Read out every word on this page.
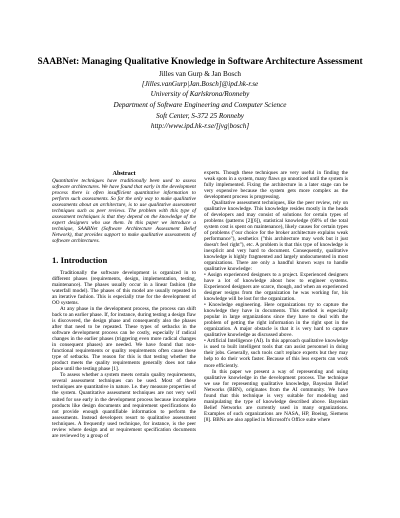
SAABNet: Managing Qualitative Knowledge in Software Architecture Assessment
Jilles van Gurp & Jan Bosch
[Jilles.vanGurp|Jan.Bosch]@ipd.hk-r.se
University of Karlskrona/Ronneby
Department of Software Engineering and Computer Science
Soft Center, S-372 25 Ronneby
http://www.ipd.hk-r.se/[jvg|bosch]
Abstract

Quantitative techniques have traditionally been used to assess software architectures. We have found that early in the development process there is often insufficient quantitative information to perform such assessments. So far the only way to make qualitative assessments about an architecture, is to use qualitative assessment techniques such as peer reviews. The problem with this type of assessment techniques is that they depend on the knowledge of the expert designers who use them. In this paper we introduce a technique, SAABNet (Software Architecture Assessment Belief Network), that provides support to make qualitative assessments of software architectures.

1. Introduction

Traditionally the software development is organized in to different phases (requirements, design, implementation, testing, maintenance). The phases usually occur in a linear fashion (the waterfall model). The phases of this model are usually repeated in an iterative fashion. This is especially true for the development of OO systems.

At any phase in the development process, the process can shift back to an earlier phase. If, for instance, during testing a design flaw is discovered, the design phase and consequently also the phases after that need to be repeated. These types of setbacks in the software development process can be costly, especially if radical changes in the earlier phases (triggering even more radical changes in consequent phases) are needed. We have found that non-functional requirements or quality requirements often cause these type of setbacks. The reason for this is that testing whether the product meets the quality requirements generally does not take place until the testing phase [1].

To assess whether a system meets certain quality requirements, several assessment techniques can be used. Most of these techniques are quantitative in nature. I.e. they measure properties of the system. Quantitative assessment techniques are not very well suited for use early in the development process because incomplete products like design documents and requirement specifications do not provide enough quantifiable information to perform the assessments. Instead developers resort to qualitative assessment techniques. A frequently used technique, for instance, is the peer review where design and or requirement specification documents are reviewed by a group of

experts. Though these techniques are very useful in finding the weak spots in a system, many flaws go unnoticed until the system is fully implemented. Fixing the architecture in a later stage can be very expensive because the system gets more complex as the development process is progressing.

Qualitative assessment techniques, like the peer review, rely on qualitative knowledge. This knowledge resides mostly in the heads of developers and may consist of solutions for certain types of problems (patterns [2][6]), statistical knowledge (60% of the total system cost is spent on maintenance), likely causes for certain types of problems ("our choice for the broker architecture explains weak performance"), aesthetics ("this architecture may work but it just doesn't feel right"), etc. A problem is that this type of knowledge is inexplicit and very hard to document. Consequently, qualitative knowledge is highly fragmented and largely undocumented in most organizations. There are only a handful known ways to handle qualitative knowledge:

• Assign experienced designers to a project. Experienced designers have a lot of knowledge about how to engineer systems. Experienced designers are scarce, though, and when an experienced designer resigns from the organization he was working for, his knowledge will be lost for the organization.

• Knowledge engineering. Here organizations try to capture the knowledge they have in documents. This method is especially popular in large organizations since they have to deal with the problem of getting the right information in the right spot in the organization. A major obstacle is that it is very hard to capture qualitative knowledge as discussed above.

• Artificial Intelligence (AI). In this approach qualitative knowledge is used to built intelligent tools that can assist personnel in doing their jobs. Generally, such tools can't replace experts but they may help to do their work faster. Because of this less experts can work more efficiently.

In this paper we present a way of representing and using qualitative knowledge in the development process. The technique we use for representing qualitative knowledge, Bayesian Belief Networks (BBN), originates from the AI community. We have found that this technique is very suitable for modeling and manipulating the type of knowledge described above. Bayesian Belief Networks are currently used in many organizations. Examples of such organizations are NASA, HP, Boeing, Siemens [8]. BBNs are also applied in Microsoft's Office suite where
